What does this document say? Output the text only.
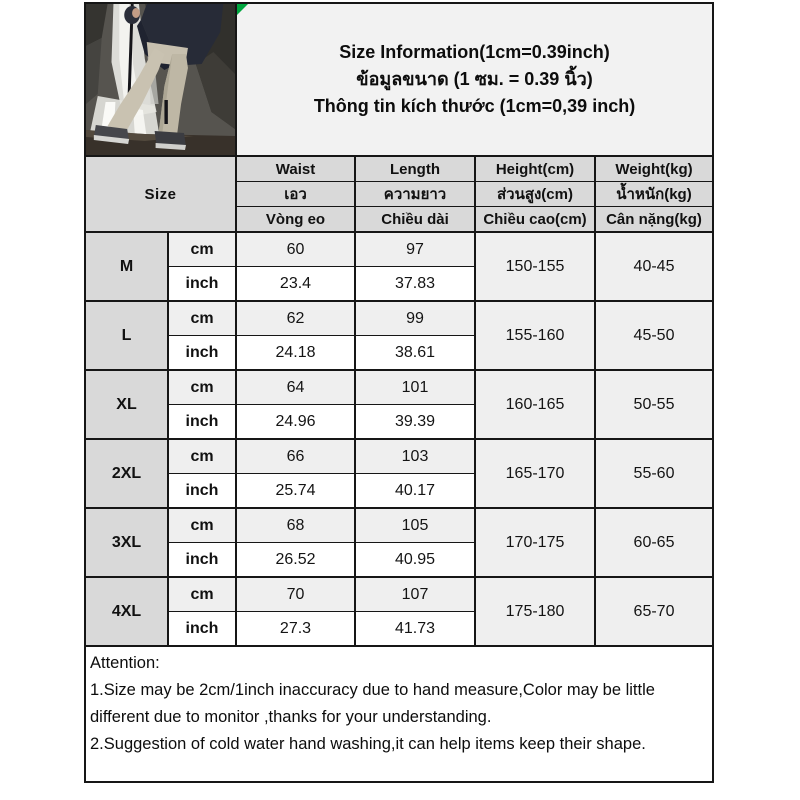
Size Information(1cm=0.39inch)
ข้อมูลขนาด (1 ซม. = 0.39 นิ้ว)
Thông tin kích thước (1cm=0,39 inch)			

Size		Waist	Length	Height(cm)	Weight(kg)
		เอว	ความยาว	ส่วนสูง(cm)	น้ำหนัก(kg)
		Vòng eo	Chiều dài	Chiều cao(cm)	Cân nặng(kg)
M	cm	60	97	150-155	40-45
	inch	23.4	37.83		
L	cm	62	99	155-160	45-50
	inch	24.18	38.61		
XL	cm	64	101	160-165	50-55
	inch	24.96	39.39		
2XL	cm	66	103	165-170	55-60
	inch	25.74	40.17		
3XL	cm	68	105	170-175	60-65
	inch	26.52	40.95		
4XL	cm	70	107	175-180	65-70
	inch	27.3	41.73		

Attention:
1.Size may be 2cm/1inch inaccuracy due to hand measure,Color may be little different due to monitor ,thanks for your understanding.
2.Suggestion of cold water hand washing,it can help items keep their shape.					
